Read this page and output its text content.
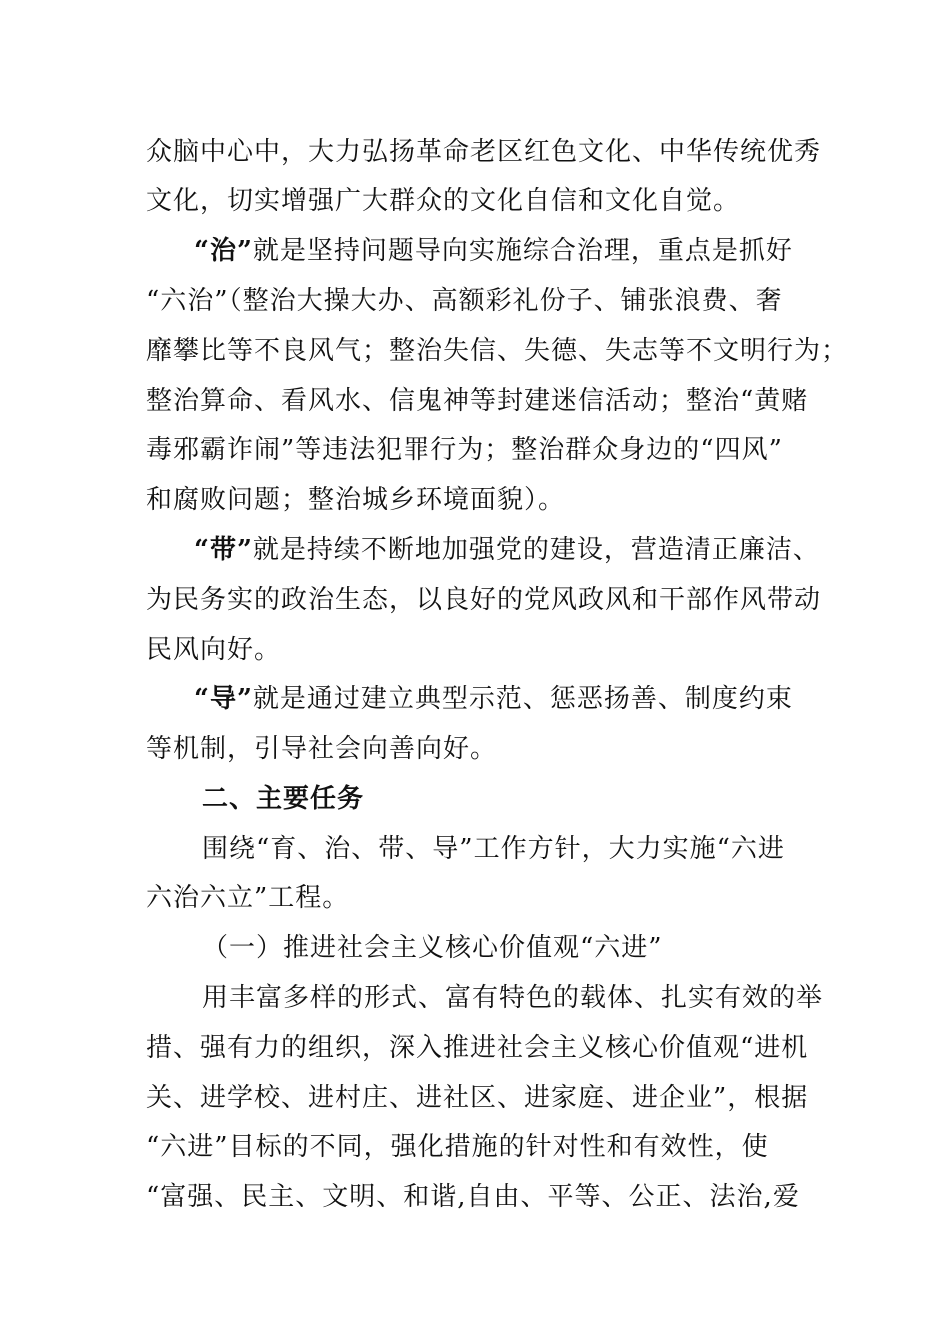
众脑中心中，大力弘扬革命老区红色文化、中华传统优秀
文化，切实增强广大群众的文化自信和文化自觉。
“治”就是坚持问题导向实施综合治理，重点是抓好
“六治”（整治大操大办、高额彩礼份子、铺张浪费、奢
靡攀比等不良风气；整治失信、失德、失志等不文明行为；
整治算命、看风水、信鬼神等封建迷信活动；整治“黄赌
毒邪霸诈闹”等违法犯罪行为；整治群众身边的“四风”
和腐败问题；整治城乡环境面貌）。
“带”就是持续不断地加强党的建设，营造清正廉洁、
为民务实的政治生态，以良好的党风政风和干部作风带动
民风向好。
“导”就是通过建立典型示范、惩恶扬善、制度约束
等机制，引导社会向善向好。
二、主要任务
围绕“育、治、带、导”工作方针，大力实施“六进
六治六立”工程。
（一）推进社会主义核心价值观“六进”
用丰富多样的形式、富有特色的载体、扎实有效的举
措、强有力的组织，深入推进社会主义核心价值观“进机
关、进学校、进村庄、进社区、进家庭、进企业”，根据
“六进”目标的不同，强化措施的针对性和有效性，使
“富强、民主、文明、和谐,自由、平等、公正、法治,爱
